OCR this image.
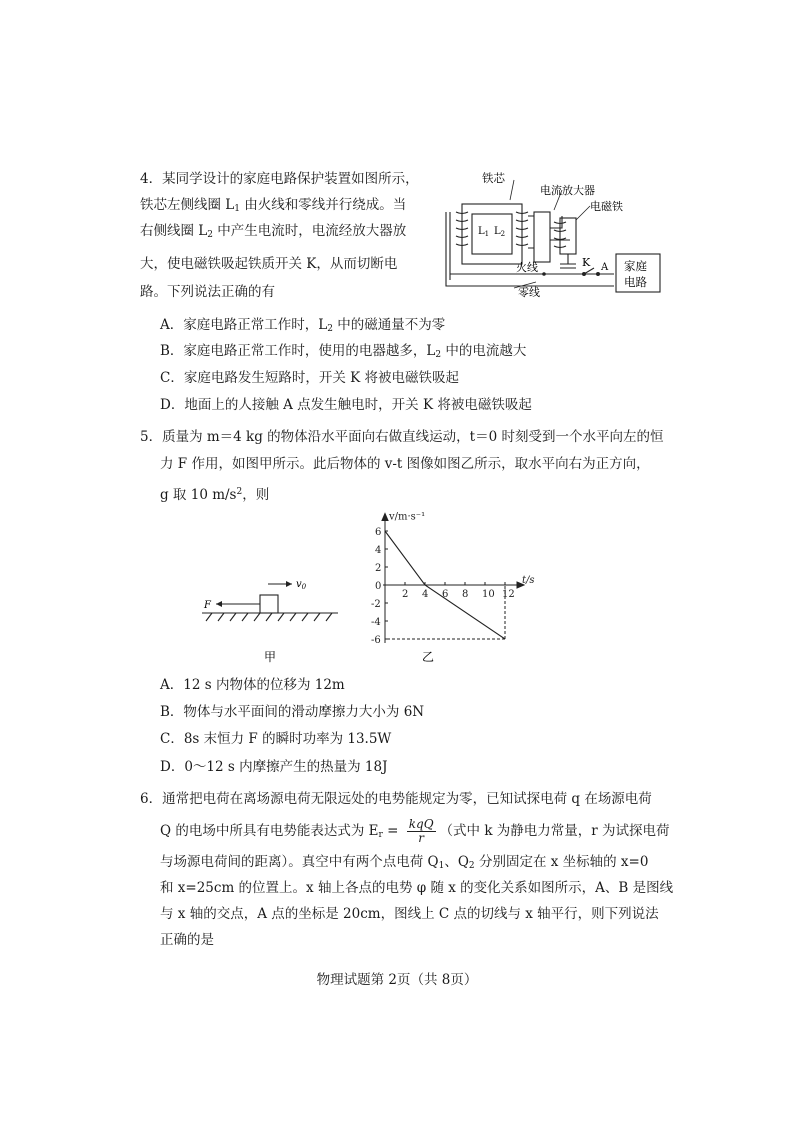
4．某同学设计的家庭电路保护装置如图所示，
铁芯左侧线圈 $L_1$ 由火线和零线并行绕成。当
右侧线圈 $L_2$ 中产生电流时，电流经放大器放
大，使电磁铁吸起铁质开关 K，从而切断电
路。下列说法正确的有
铁芯
电流放大器
电磁铁
$L_1$ $L_2$
火线
零线
K A 家庭
电路
A．家庭电路正常工作时，$L_2$ 中的磁通量不为零
B．家庭电路正常工作时，使用的电器越多，$L_2$ 中的电流越大
C．家庭电路发生短路时，开关 K 将被电磁铁吸起
D．地面上的人接触 A 点发生触电时，开关 K 将被电磁铁吸起
5．质量为 m＝4 kg 的物体沿水平面向右做直线运动，t＝0 时刻受到一个水平向左的恒
力 F 作用，如图甲所示。此后物体的 v-t 图像如图乙所示，取水平向右为正方向，
g 取 10 $m/s^2$，则
F
$v_0$
甲
2 4 6 8 10 12
6
4
2
0
-2
-4
-6
v/m·s⁻¹
t/s
乙
A．12 s 内物体的位移为 12m
B．物体与水平面间的滑动摩擦力大小为 6N
C．8s 末恒力 F 的瞬时功率为 13.5W
D．0～12 s 内摩擦产生的热量为 18J
6．通常把电荷在离场源电荷无限远处的电势能规定为零，已知试探电荷 q 在场源电荷
Q 的电场中所具有电势能表达式为 $E_r = \frac{\text{kqQ}}{r}$ （式中 k 为静电力常量，r 为试探电荷
与场源电荷间的距离）。真空中有两个点电荷 $Q_1$、$Q_2$ 分别固定在 x 坐标轴的 x=0
和 x=25cm 的位置上。x 轴上各点的电势 φ 随 x 的变化关系如图所示，A、B 是图线
与 x 轴的交点，A 点的坐标是 20cm，图线上 C 点的切线与 x 轴平行，则下列说法
正确的是
物理试题第 2页（共 8页）
